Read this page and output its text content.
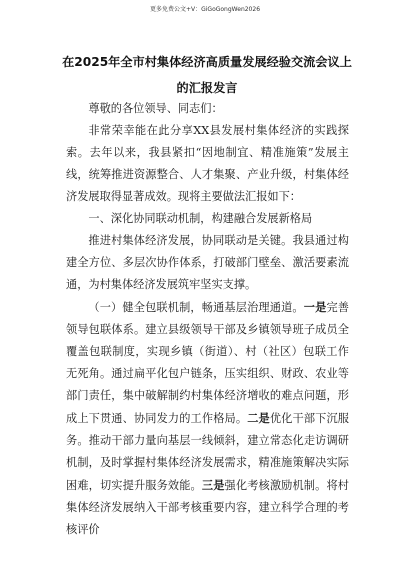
更多免费公文+V：GiGoGongWen2026
在2025年全市村集体经济高质量发展经验交流会议上的汇报发言

尊敬的各位领导、同志们：

非常荣幸能在此分享XX县发展村集体经济的实践探索。去年以来，我县紧扣“因地制宜、精准施策”发展主线，统筹推进资源整合、人才集聚、产业升级，村集体经济发展取得显著成效。现将主要做法汇报如下：

一、深化协同联动机制，构建融合发展新格局

推进村集体经济发展，协同联动是关键。我县通过构建全方位、多层次协作体系，打破部门壁垒、激活要素流通，为村集体经济发展筑牢坚实支撑。

（一）健全包联机制，畅通基层治理通道。一是完善领导包联体系。建立县级领导干部及乡镇领导班子成员全覆盖包联制度，实现乡镇（街道）、村（社区）包联工作无死角。通过扁平化包户链条，压实组织、财政、农业等部门责任，集中破解制约村集体经济增收的难点问题，形成上下贯通、协同发力的工作格局。二是优化干部下沉服务。推动干部力量向基层一线倾斜，建立常态化走访调研机制，及时掌握村集体经济发展需求，精准施策解决实际困难，切实提升服务效能。三是强化考核激励机制。将村集体经济发展纳入干部考核重要内容，建立科学合理的考核评价
